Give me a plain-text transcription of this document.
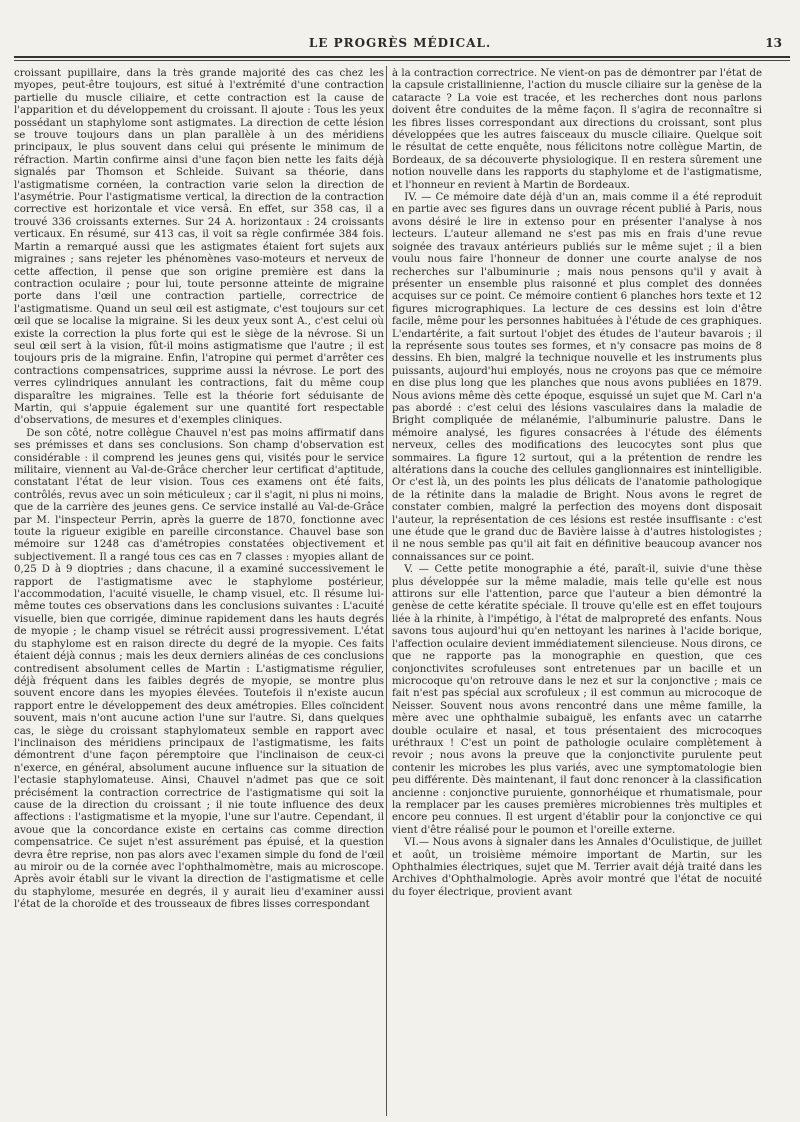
LE PROGRÈS MÉDICAL.	13

croissant pupillaire, dans la très grande majorité des cas chez les myopes, peut-être toujours, est situé à l'extrémité d'une contraction partielle du muscle ciliaire, et cette contraction est la cause de l'apparition et du développement du croissant. Il ajoute : Tous les yeux possédant un staphylome sont astigmates. La direction de cette lésion se trouve toujours dans un plan parallèle à un des méridiens principaux, le plus souvent dans celui qui présente le minimum de réfraction. Martin confirme ainsi d'une façon bien nette les faits déjà signalés par Thomson et Schleide. Suivant sa théorie, dans l'astigmatisme cornéen, la contraction varie selon la direction de l'asymétrie. Pour l'astigmatisme vertical, la direction de la contraction corrective est horizontale et vice versâ. En effet, sur 358 cas, il a trouvé 336 croissants externes. Sur 24 A. horizontaux : 24 croissants verticaux. En résumé, sur 413 cas, il voit sa règle confirmée 384 fois. Martin a remarqué aussi que les astigmates étaient fort sujets aux migraines ; sans rejeter les phénomènes vaso-moteurs et nerveux de cette affection, il pense que son origine première est dans la contraction oculaire ; pour lui, toute personne atteinte de migraine porte dans l'œil une contraction partielle, correctrice de l'astigmatisme. Quand un seul œil est astigmate, c'est toujours sur cet œil que se localise la migraine. Si les deux yeux sont A., c'est celui où existe la correction la plus forte qui est le siège de la névrose. Si un seul œil sert à la vision, fût-il moins astigmatisme que l'autre ; il est toujours pris de la migraine. Enfin, l'atropine qui permet d'arrêter ces contractions compensatrices, supprime aussi la névrose. Le port des verres cylindriques annulant les contractions, fait du même coup disparaître les migraines. Telle est la théorie fort séduisante de Martin, qui s'appuie également sur une quantité fort respectable d'observations, de mesures et d'exemples cliniques.

De son côté, notre collègue Chauvel n'est pas moins affirmatif dans ses prémisses et dans ses conclusions. Son champ d'observation est considérable : il comprend les jeunes gens qui, visités pour le service militaire, viennent au Val-de-Grâce chercher leur certificat d'aptitude, constatant l'état de leur vision. Tous ces examens ont été faits, contrôlés, revus avec un soin méticuleux ; car il s'agit, ni plus ni moins, que de la carrière des jeunes gens. Ce service installé au Val-de-Grâce par M. l'inspecteur Perrin, après la guerre de 1870, fonctionne avec toute la rigueur exigible en pareille circonstance. Chauvel base son mémoire sur 1248 cas d'amétropies constatées objectivement et subjectivement. Il a rangé tous ces cas en 7 classes : myopies allant de 0,25 D à 9 dioptries ; dans chacune, il a examiné successivement le rapport de l'astigmatisme avec le staphylome postérieur, l'accommodation, l'acuité visuelle, le champ visuel, etc. Il résume lui-même toutes ces observations dans les conclusions suivantes : L'acuité visuelle, bien que corrigée, diminue rapidement dans les hauts degrés de myopie ; le champ visuel se rétrécit aussi progressivement. L'état du staphylome est en raison directe du degré de la myopie. Ces faits étaient déjà connus ; mais les deux derniers alinéas de ces conclusions contredisent absolument celles de Martin : L'astigmatisme régulier, déjà fréquent dans les faibles degrés de myopie, se montre plus souvent encore dans les myopies élevées. Toutefois il n'existe aucun rapport entre le développement des deux amétropies. Elles coïncident souvent, mais n'ont aucune action l'une sur l'autre. Si, dans quelques cas, le siège du croissant staphylomateux semble en rapport avec l'inclinaison des méridiens principaux de l'astigmatisme, les faits démontrent d'une façon péremptoire que l'inclinaison de ceux-ci n'exerce, en général, absolument aucune influence sur la situation de l'ectasie staphylomateuse. Ainsi, Chauvel n'admet pas que ce soit précisément la contraction correctrice de l'astigmatisme qui soit la cause de la direction du croissant ; il nie toute influence des deux affections : l'astigmatisme et la myopie, l'une sur l'autre. Cependant, il avoue que la concordance existe en certains cas comme direction compensatrice. Ce sujet n'est assurément pas épuisé, et la question devra être reprise, non pas alors avec l'examen simple du fond de l'œil au miroir ou de la cornée avec l'ophthalmomètre, mais au microscope. Après avoir établi sur le vivant la direction de l'astigmatisme et celle du staphylome, mesurée en degrés, il y aurait lieu d'examiner aussi l'état de la choroïde et des trousseaux de fibres lisses correspondant

à la contraction correctrice. Ne vient-on pas de démontrer par l'état de la capsule cristallinienne, l'action du muscle ciliaire sur la genèse de la cataracte ? La voie est tracée, et les recherches dont nous parlons doivent être conduites de la même façon. Il s'agira de reconnaître si les fibres lisses correspondant aux directions du croissant, sont plus développées que les autres faisceaux du muscle ciliaire. Quelque soit le résultat de cette enquête, nous félicitons notre collègue Martin, de Bordeaux, de sa découverte physiologique. Il en restera sûrement une notion nouvelle dans les rapports du staphylome et de l'astigmatisme, et l'honneur en revient à Martin de Bordeaux.

IV. — Ce mémoire date déjà d'un an, mais comme il a été reproduit en partie avec ses figures dans un ouvrage récent publié à Paris, nous avons désiré le lire in extenso pour en présenter l'analyse à nos lecteurs. L'auteur allemand ne s'est pas mis en frais d'une revue soignée des travaux antérieurs publiés sur le même sujet ; il a bien voulu nous faire l'honneur de donner une courte analyse de nos recherches sur l'albuminurie ; mais nous pensons qu'il y avait à présenter un ensemble plus raisonné et plus complet des données acquises sur ce point. Ce mémoire contient 6 planches hors texte et 12 figures micrographiques. La lecture de ces dessins est loin d'être facile, même pour les personnes habituées à l'étude de ces graphiques. L'endartérite, a fait surtout l'objet des études de l'auteur bavarois ; il la représente sous toutes ses formes, et n'y consacre pas moins de 8 dessins. Eh bien, malgré la technique nouvelle et les instruments plus puissants, aujourd'hui employés, nous ne croyons pas que ce mémoire en dise plus long que les planches que nous avons publiées en 1879. Nous avions même dès cette époque, esquissé un sujet que M. Carl n'a pas abordé : c'est celui des lésions vasculaires dans la maladie de Bright compliquée de mélanémie, l'albuminurie palustre. Dans le mémoire analysé, les figures consacrées à l'étude des éléments nerveux, celles des modifications des leucocytes sont plus que sommaires. La figure 12 surtout, qui a la prétention de rendre les altérations dans la couche des cellules ganglionnaires est inintelligible. Or c'est là, un des points les plus délicats de l'anatomie pathologique de la rétinite dans la maladie de Bright. Nous avons le regret de constater combien, malgré la perfection des moyens dont disposait l'auteur, la représentation de ces lésions est restée insuffisante : c'est une étude que le grand duc de Bavière laisse à d'autres histologistes ; il ne nous semble pas qu'il ait fait en définitive beaucoup avancer nos connaissances sur ce point.

V. — Cette petite monographie a été, paraît-il, suivie d'une thèse plus développée sur la même maladie, mais telle qu'elle est nous attirons sur elle l'attention, parce que l'auteur a bien démontré la genèse de cette kératite spéciale. Il trouve qu'elle est en effet toujours liée à la rhinite, à l'impétigo, à l'état de malpropreté des enfants. Nous savons tous aujourd'hui qu'en nettoyant les narines à l'acide borique, l'affection oculaire devient immédiatement silencieuse. Nous dirons, ce que ne rapporte pas la monographie en question, que ces conjonctivites scrofuleuses sont entretenues par un bacille et un microcoque qu'on retrouve dans le nez et sur la conjonctive ; mais ce fait n'est pas spécial aux scrofuleux ; il est commun au microcoque de Neisser. Souvent nous avons rencontré dans une même famille, la mère avec une ophthalmie subaiguë, les enfants avec un catarrhe double oculaire et nasal, et tous présentaient des microcoques uréthraux ! C'est un point de pathologie oculaire complètement à revoir ; nous avons la preuve que la conjonctivite purulente peut contenir les microbes les plus variés, avec une symptomatologie bien peu différente. Dès maintenant, il faut donc renoncer à la classification ancienne : conjonctive puruiente, gonnorhéique et rhumatismale, pour la remplacer par les causes premières microbiennes très multiples et encore peu connues. Il est urgent d'établir pour la conjonctive ce qui vient d'être réalisé pour le poumon et l'oreille externe.

VI.— Nous avons à signaler dans les Annales d'Oculistique, de juillet et août, un troisième mémoire important de Martin, sur les Ophthalmies électriques, sujet que M. Terrier avait déjà traité dans les Archives d'Ophthalmologie. Après avoir montré que l'état de nocuité du foyer électrique, provient avant
